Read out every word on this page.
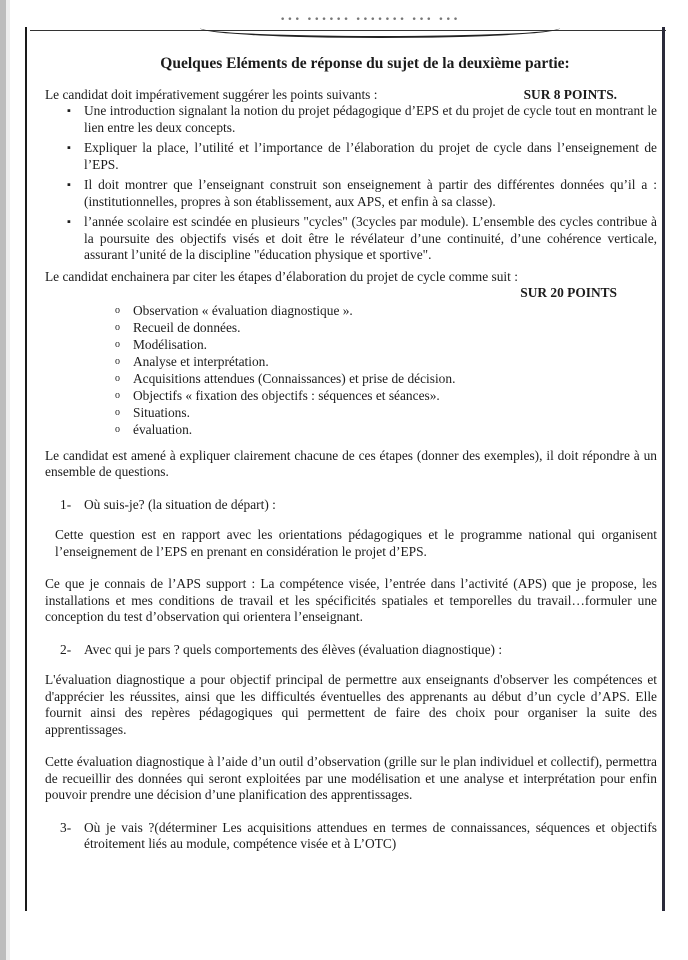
••• •••••• ••••••• ••• •••
Quelques Eléments de réponse du sujet de la deuxième partie:
Le candidat doit impérativement suggérer les points suivants :	SUR 8 POINTS.
▪ Une introduction signalant la notion du projet pédagogique d’EPS et du projet de cycle tout en montrant le lien entre les deux concepts.
▪ Expliquer la place, l’utilité et l’importance de l’élaboration du projet de cycle dans l’enseignement de l’EPS.
▪ Il doit montrer que l’enseignant construit son enseignement à partir des différentes données qu’il a : (institutionnelles, propres à son établissement, aux APS, et enfin à sa classe).
▪ l’année scolaire est scindée en plusieurs "cycles" (3cycles par module). L’ensemble des cycles contribue à la poursuite des objectifs visés et doit être le révélateur d’une continuité, d’une cohérence verticale, assurant l’unité de la discipline "éducation physique et sportive".

Le candidat enchainera par citer les étapes d’élaboration du projet de cycle comme suit :

SUR 20 POINTS
o Observation « évaluation diagnostique ».
o Recueil de données.
o Modélisation.
o Analyse et interprétation.
o Acquisitions attendues (Connaissances) et prise de décision.
o Objectifs « fixation des objectifs : séquences et séances».
o Situations.
o évaluation.

Le candidat est amené à expliquer clairement chacune de ces étapes (donner des exemples), il doit répondre à un ensemble de questions.

1- Où suis-je? (la situation de départ) :

Cette question est en rapport avec les orientations pédagogiques et le programme national qui organisent l’enseignement de l’EPS en prenant en considération le projet d’EPS.

Ce que je connais de l’APS support : La compétence visée, l’entrée dans l’activité (APS) que je propose, les installations et mes conditions de travail et les spécificités spatiales et temporelles du travail…formuler une conception du test d’observation qui orientera l’enseignant.

2- Avec qui je pars ? quels comportements des élèves (évaluation diagnostique) :

L'évaluation diagnostique a pour objectif principal de permettre aux enseignants d'observer les compétences et d'apprécier les réussites, ainsi que les difficultés éventuelles des apprenants au début d’un cycle d’APS. Elle fournit ainsi des repères pédagogiques qui permettent de faire des choix pour organiser la suite des apprentissages.

Cette évaluation diagnostique à l’aide d’un outil d’observation (grille sur le plan individuel et collectif), permettra de recueillir des données qui seront exploitées par une modélisation et une analyse et interprétation pour enfin pouvoir prendre une décision d’une planification des apprentissages.

3- Où je vais ?(déterminer Les acquisitions attendues en termes de connaissances, séquences et objectifs étroitement liés au module, compétence visée et à L’OTC)
